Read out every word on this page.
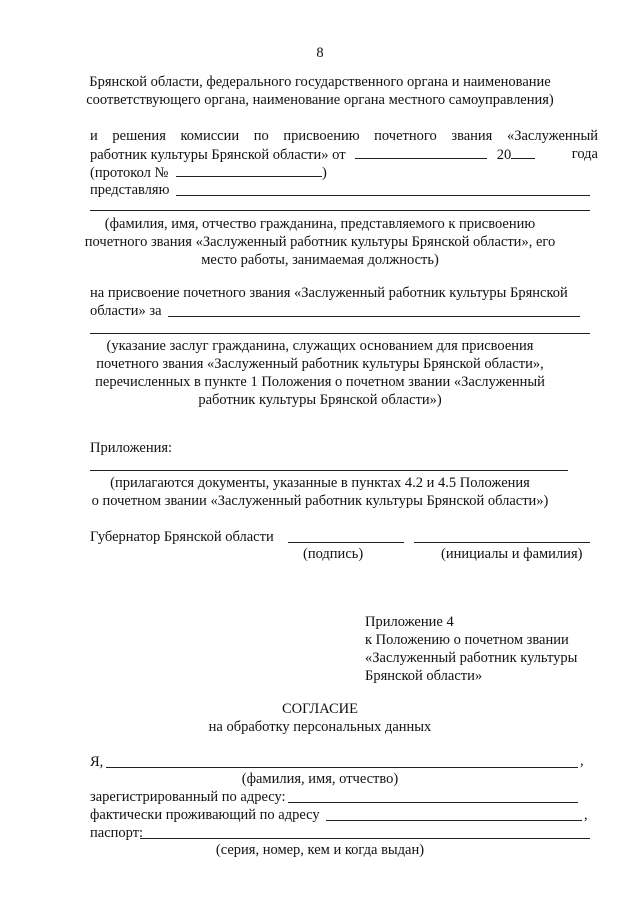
8
Брянской области, федерального государственного органа и наименование
соответствующего органа, наименование органа местного самоуправления)
и решения комиссии по присвоению почетного звания «Заслуженный
работник культуры Брянской области» от	20	года
(протокол №	)
представляю
(фамилия, имя, отчество гражданина, представляемого к присвоению
почетного звания «Заслуженный работник культуры Брянской области», его
место работы, занимаемая должность)
на присвоение почетного звания «Заслуженный работник культуры Брянской
области» за
(указание заслуг гражданина, служащих основанием для присвоения
почетного звания «Заслуженный работник культуры Брянской области»,
перечисленных в пункте 1 Положения о почетном звании «Заслуженный
работник культуры Брянской области»)
Приложения:
(прилагаются документы, указанные в пунктах 4.2 и 4.5 Положения
о почетном звании «Заслуженный работник культуры Брянской области»)
Губернатор Брянской области
(подпись)	(инициалы и фамилия)
Приложение 4
к Положению о почетном звании
«Заслуженный работник культуры
Брянской области»
СОГЛАСИЕ
на обработку персональных данных
Я,	,
(фамилия, имя, отчество)
зарегистрированный по адресу:
фактически проживающий по адресу	,
паспорт:
(серия, номер, кем и когда выдан)
